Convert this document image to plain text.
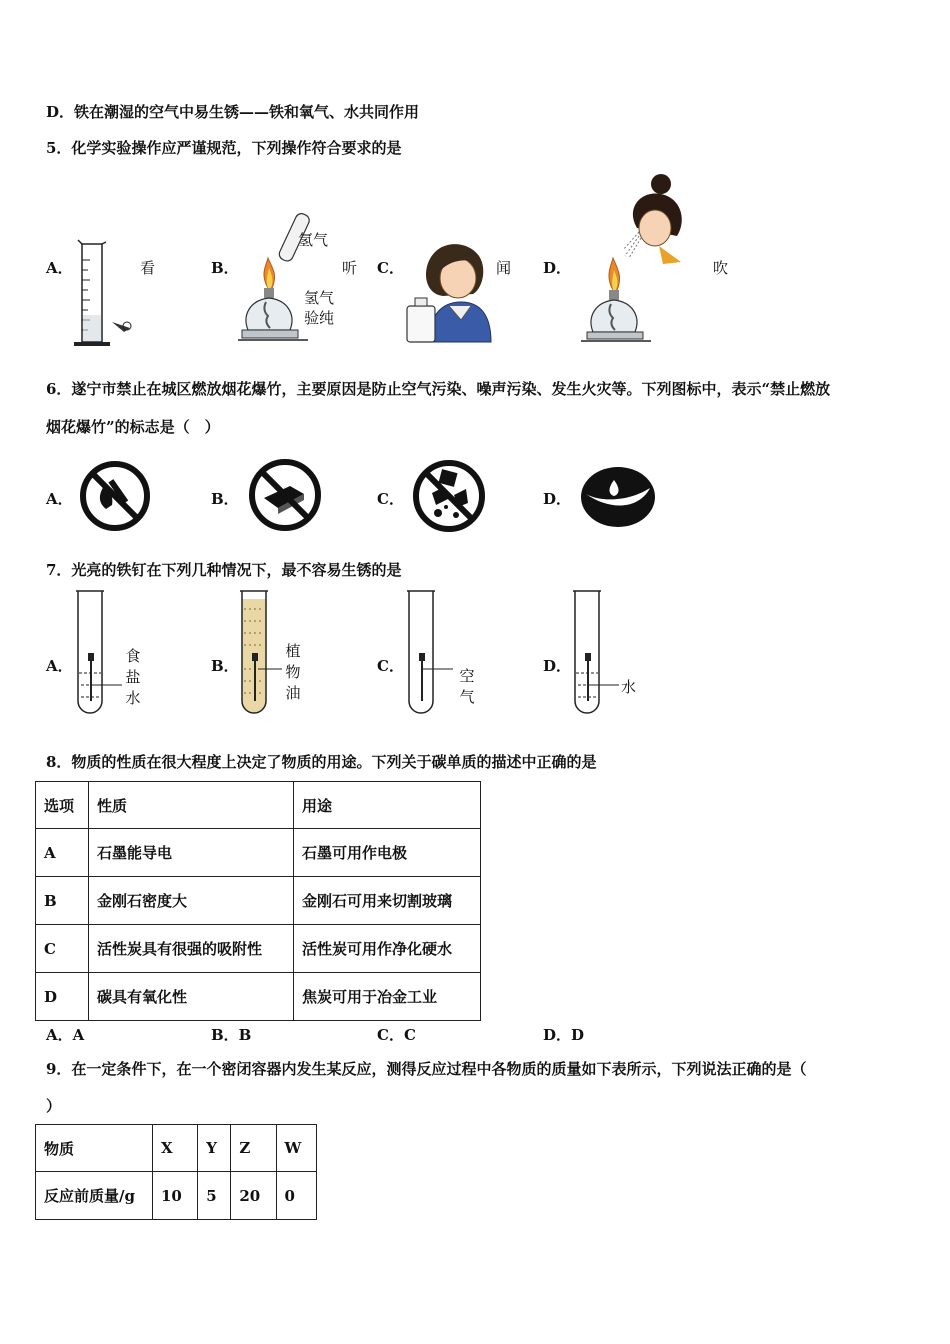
D．铁在潮湿的空气中易生锈——铁和氧气、水共同作用
5．化学实验操作应严谨规范，下列操作符合要求的是
A．	看	B．
氢气
氢气验纯
听 C．	闻 D．	吹
6．遂宁市禁止在城区燃放烟花爆竹，主要原因是防止空气污染、噪声污染、发生火灾等。下列图标中，表示“禁止燃放
烟花爆竹”的标志是（　）
A．	B．	C．	D．
7．光亮的铁钉在下列几种情况下，最不容易生锈的是
A．
食盐水
B．
植物油
C．
空气
D．
水
8．物质的性质在很大程度上决定了物质的用途。下列关于碳单质的描述中正确的是
选项	性质	用途
A	石墨能导电	石墨可用作电极
B	金刚石密度大	金刚石可用来切割玻璃
C	活性炭具有很强的吸附性	活性炭可用作净化硬水
D	碳具有氧化性	焦炭可用于冶金工业
A．A	B．B	C．C	D．D
9．在一定条件下，在一个密闭容器内发生某反应，测得反应过程中各物质的质量如下表所示，下列说法正确的是（
）
物质	X	Y	Z	W
反应前质量/g	10	5	20	0
